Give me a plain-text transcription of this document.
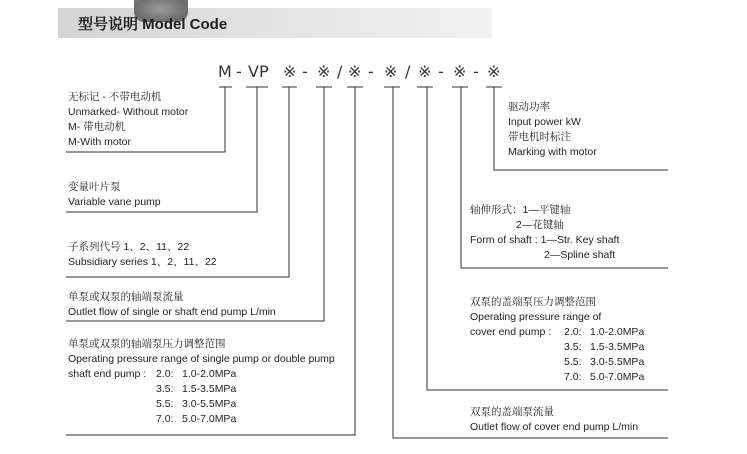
型号说明 Model Code
M - VP ※ - ※ / ※ - ※ / ※ - ※ - ※
无标记 - 不带电动机
Unmarked- Without motor
M- 带电动机
M-With motor
变量叶片泵
Variable vane pump
子系列代号 1、2、11、22
Subsidiary series 1、2、11、22
单泵或双泵的轴端泵流量
Outlet flow of single or shaft end pump L/min
单泵或双泵的轴端泵压力调整范围
Operating pressure range of single pump or double pump
shaft end pump : 2.0: 1.0-2.0MPa
3.5: 1.5-3.5MPa
5.5: 3.0-5.5MPa
7.0: 5.0-7.0MPa
驱动功率
Input power kW
带电机时标注
Marking with motor
轴伸形式：1—平键轴
2—花键轴
Form of shaft : 1—Str. Key shaft
2—Spline shaft
双泵的盖端泵压力调整范围
Operating pressure range of
cover end pump :	2.0: 1.0-2.0MPa
3.5: 1.5-3.5MPa
5.5: 3.0-5.5MPa
7.0: 5.0-7.0MPa
双泵的盖端泵流量
Outlet flow of cover end pump L/min
